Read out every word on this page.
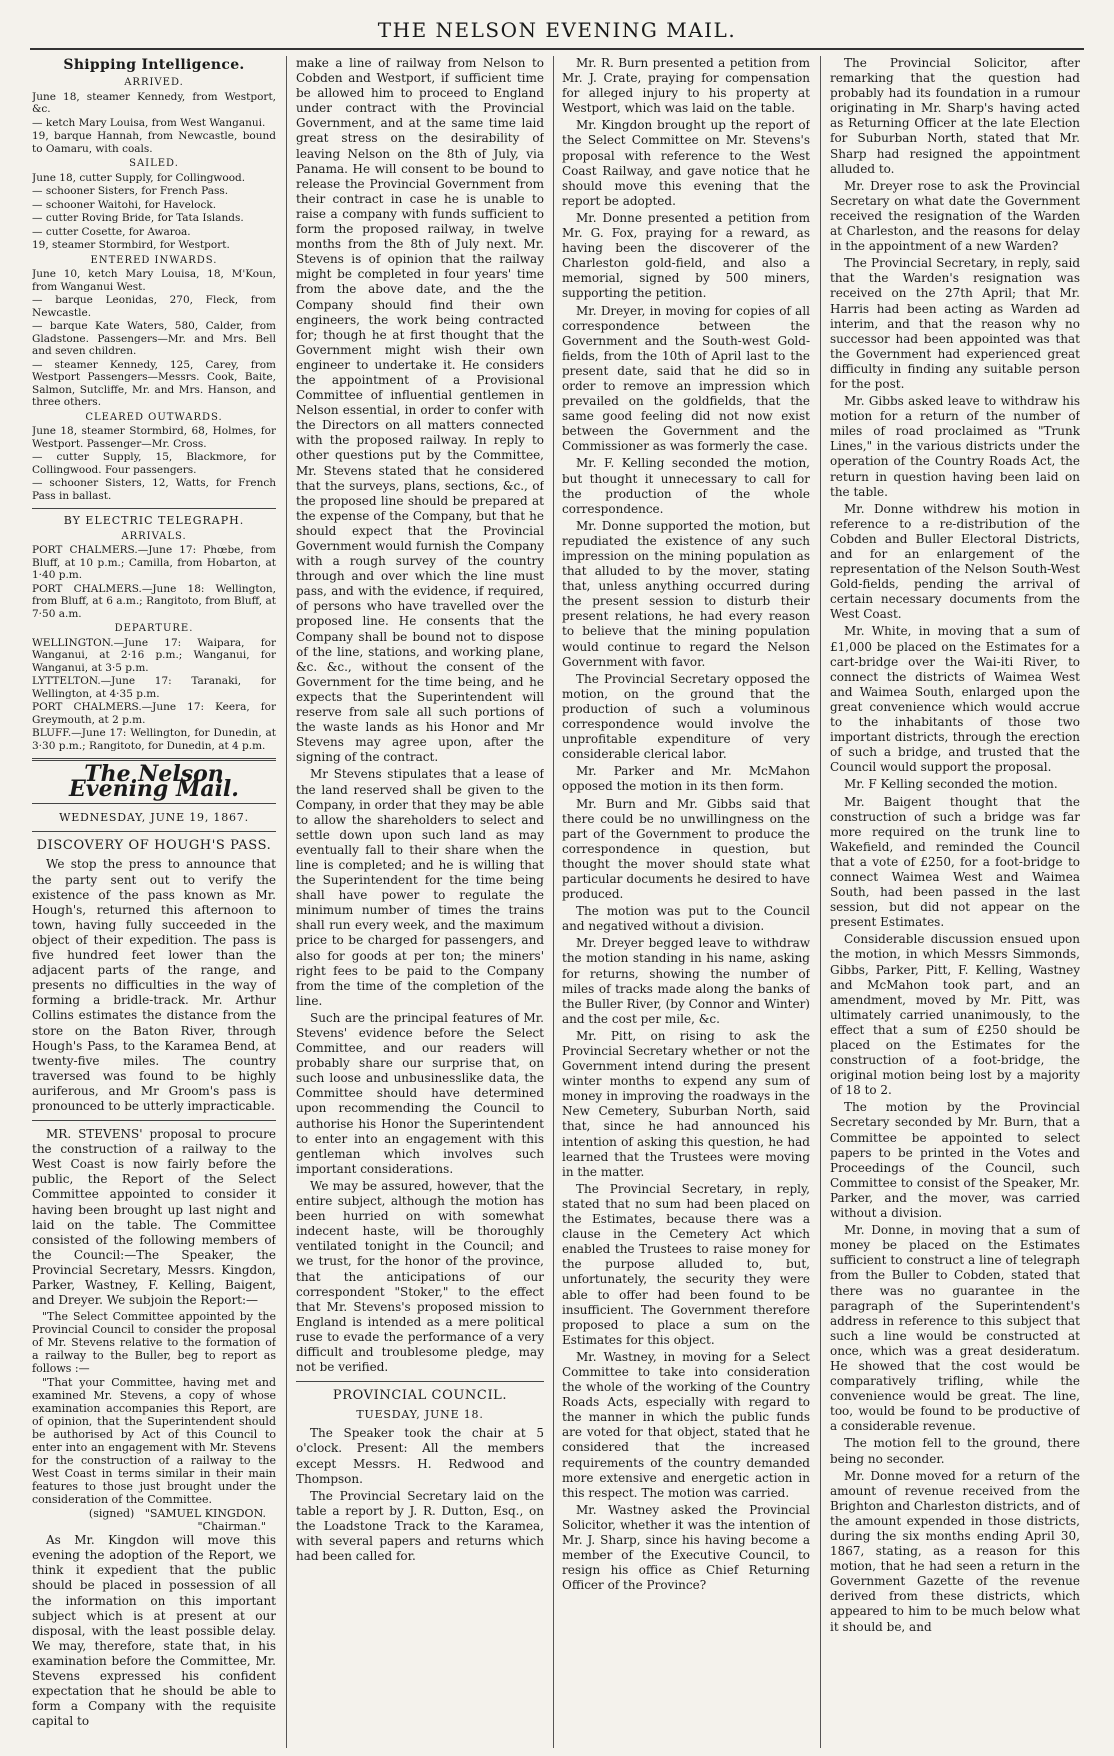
THE NELSON EVENING MAIL.
Shipping Intelligence.
ARRIVED.

June 18, steamer Kennedy, from Westport, &c.

— ketch Mary Louisa, from West Wanganui.

19, barque Hannah, from Newcastle, bound to Oamaru, with coals.

SAILED.

June 18, cutter Supply, for Collingwood.

— schooner Sisters, for French Pass.

— schooner Waitohi, for Havelock.

— cutter Roving Bride, for Tata Islands.

— cutter Cosette, for Awaroa.

19, steamer Stormbird, for Westport.

ENTERED INWARDS.

June 10, ketch Mary Louisa, 18, M'Koun, from Wanganui West.

— barque Leonidas, 270, Fleck, from Newcastle.

— barque Kate Waters, 580, Calder, from Gladstone. Passengers—Mr. and Mrs. Bell and seven children.

— steamer Kennedy, 125, Carey, from Westport Passengers—Messrs. Cook, Baite, Salmon, Sutcliffe, Mr. and Mrs. Hanson, and three others.

CLEARED OUTWARDS.

June 18, steamer Stormbird, 68, Holmes, for Westport. Passenger—Mr. Cross.

— cutter Supply, 15, Blackmore, for Collingwood. Four passengers.

— schooner Sisters, 12, Watts, for French Pass in ballast.

BY ELECTRIC TELEGRAPH.
ARRIVALS.

PORT CHALMERS.—June 17: Phœbe, from Bluff, at 10 p.m.; Camilla, from Hobarton, at 1·40 p.m.

PORT CHALMERS.—June 18: Wellington, from Bluff, at 6 a.m.; Rangitoto, from Bluff, at 7·50 a.m.

DEPARTURE.

WELLINGTON.—June 17: Waipara, for Wanganui, at 2·16 p.m.; Wanganui, for Wanganui, at 3·5 p.m.

LYTTELTON.—June 17: Taranaki, for Wellington, at 4·35 p.m.

PORT CHALMERS.—June 17: Keera, for Greymouth, at 2 p.m.

BLUFF.—June 17: Wellington, for Dunedin, at 3·30 p.m.; Rangitoto, for Dunedin, at 4 p.m.

The Nelson Evening Mail.
WEDNESDAY, JUNE 19, 1867.
DISCOVERY OF HOUGH'S PASS.

We stop the press to announce that the party sent out to verify the existence of the pass known as Mr. Hough's, returned this afternoon to town, having fully succeeded in the object of their expedition. The pass is five hundred feet lower than the adjacent parts of the range, and presents no difficulties in the way of forming a bridle-track. Mr. Arthur Collins estimates the distance from the store on the Baton River, through Hough's Pass, to the Karamea Bend, at twenty-five miles. The country traversed was found to be highly auriferous, and Mr Groom's pass is pronounced to be utterly impracticable.

MR. STEVENS' proposal to procure the construction of a railway to the West Coast is now fairly before the public, the Report of the Select Committee appointed to consider it having been brought up last night and laid on the table. The Committee consisted of the following members of the Council:—The Speaker, the Provincial Secretary, Messrs. Kingdon, Parker, Wastney, F. Kelling, Baigent, and Dreyer. We subjoin the Report:—

"The Select Committee appointed by the Provincial Council to consider the proposal of Mr. Stevens relative to the formation of a railway to the Buller, beg to report as follows :—

"That your Committee, having met and examined Mr. Stevens, a copy of whose examination accompanies this Report, are of opinion, that the Superintendent should be authorised by Act of this Council to enter into an engagement with Mr. Stevens for the construction of a railway to the West Coast in terms similar in their main features to those just brought under the consideration of the Committee.

(signed) "SAMUEL KINGDON.
"Chairman."

As Mr. Kingdon will move this evening the adoption of the Report, we think it expedient that the public should be placed in possession of all the information on this important subject which is at present at our disposal, with the least possible delay. We may, therefore, state that, in his examination before the Committee, Mr. Stevens expressed his confident expectation that he should be able to form a Company with the requisite capital to

make a line of railway from Nelson to Cobden and Westport, if sufficient time be allowed him to proceed to England under contract with the Provincial Government, and at the same time laid great stress on the desirability of leaving Nelson on the 8th of July, via Panama. He will consent to be bound to release the Provincial Government from their contract in case he is unable to raise a company with funds sufficient to form the proposed railway, in twelve months from the 8th of July next. Mr. Stevens is of opinion that the railway might be completed in four years' time from the above date, and the the Company should find their own engineers, the work being contracted for; though he at first thought that the Government might wish their own engineer to undertake it. He considers the appointment of a Provisional Committee of influential gentlemen in Nelson essential, in order to confer with the Directors on all matters connected with the proposed railway. In reply to other questions put by the Committee, Mr. Stevens stated that he considered that the surveys, plans, sections, &c., of the proposed line should be prepared at the expense of the Company, but that he should expect that the Provincial Government would furnish the Company with a rough survey of the country through and over which the line must pass, and with the evidence, if required, of persons who have travelled over the proposed line. He consents that the Company shall be bound not to dispose of the line, stations, and working plane, &c. &c., without the consent of the Government for the time being, and he expects that the Superintendent will reserve from sale all such portions of the waste lands as his Honor and Mr Stevens may agree upon, after the signing of the contract.

Mr Stevens stipulates that a lease of the land reserved shall be given to the Company, in order that they may be able to allow the shareholders to select and settle down upon such land as may eventually fall to their share when the line is completed; and he is willing that the Superintendent for the time being shall have power to regulate the minimum number of times the trains shall run every week, and the maximum price to be charged for passengers, and also for goods at per ton; the miners' right fees to be paid to the Company from the time of the completion of the line.

Such are the principal features of Mr. Stevens' evidence before the Select Committee, and our readers will probably share our surprise that, on such loose and unbusinesslike data, the Committee should have determined upon recommending the Council to authorise his Honor the Superintendent to enter into an engagement with this gentleman which involves such important considerations.

We may be assured, however, that the entire subject, although the motion has been hurried on with somewhat indecent haste, will be thoroughly ventilated tonight in the Council; and we trust, for the honor of the province, that the anticipations of our correspondent "Stoker," to the effect that Mr. Stevens's proposed mission to England is intended as a mere political ruse to evade the performance of a very difficult and troublesome pledge, may not be verified.

PROVINCIAL COUNCIL.
TUESDAY, JUNE 18.

The Speaker took the chair at 5 o'clock. Present: All the members except Messrs. H. Redwood and Thompson.

The Provincial Secretary laid on the table a report by J. R. Dutton, Esq., on the Loadstone Track to the Karamea, with several papers and returns which had been called for.

Mr. R. Burn presented a petition from Mr. J. Crate, praying for compensation for alleged injury to his property at Westport, which was laid on the table.

Mr. Kingdon brought up the report of the Select Committee on Mr. Stevens's proposal with reference to the West Coast Railway, and gave notice that he should move this evening that the report be adopted.

Mr. Donne presented a petition from Mr. G. Fox, praying for a reward, as having been the discoverer of the Charleston gold-field, and also a memorial, signed by 500 miners, supporting the petition.

Mr. Dreyer, in moving for copies of all correspondence between the Government and the South-west Gold-fields, from the 10th of April last to the present date, said that he did so in order to remove an impression which prevailed on the goldfields, that the same good feeling did not now exist between the Government and the Commissioner as was formerly the case.

Mr. F. Kelling seconded the motion, but thought it unnecessary to call for the production of the whole correspondence.

Mr. Donne supported the motion, but repudiated the existence of any such impression on the mining population as that alluded to by the mover, stating that, unless anything occurred during the present session to disturb their present relations, he had every reason to believe that the mining population would continue to regard the Nelson Government with favor.

The Provincial Secretary opposed the motion, on the ground that the production of such a voluminous correspondence would involve the unprofitable expenditure of very considerable clerical labor.

Mr. Parker and Mr. McMahon opposed the motion in its then form.

Mr. Burn and Mr. Gibbs said that there could be no unwillingness on the part of the Government to produce the correspondence in question, but thought the mover should state what particular documents he desired to have produced.

The motion was put to the Council and negatived without a division.

Mr. Dreyer begged leave to withdraw the motion standing in his name, asking for returns, showing the number of miles of tracks made along the banks of the Buller River, (by Connor and Winter) and the cost per mile, &c.

Mr. Pitt, on rising to ask the Provincial Secretary whether or not the Government intend during the present winter months to expend any sum of money in improving the roadways in the New Cemetery, Suburban North, said that, since he had announced his intention of asking this question, he had learned that the Trustees were moving in the matter.

The Provincial Secretary, in reply, stated that no sum had been placed on the Estimates, because there was a clause in the Cemetery Act which enabled the Trustees to raise money for the purpose alluded to, but, unfortunately, the security they were able to offer had been found to be insufficient. The Government therefore proposed to place a sum on the Estimates for this object.

Mr. Wastney, in moving for a Select Committee to take into consideration the whole of the working of the Country Roads Acts, especially with regard to the manner in which the public funds are voted for that object, stated that he considered that the increased requirements of the country demanded more extensive and energetic action in this respect. The motion was carried.

Mr. Wastney asked the Provincial Solicitor, whether it was the intention of Mr. J. Sharp, since his having become a member of the Executive Council, to resign his office as Chief Returning Officer of the Province?

The Provincial Solicitor, after remarking that the question had probably had its foundation in a rumour originating in Mr. Sharp's having acted as Returning Officer at the late Election for Suburban North, stated that Mr. Sharp had resigned the appointment alluded to.

Mr. Dreyer rose to ask the Provincial Secretary on what date the Government received the resignation of the Warden at Charleston, and the reasons for delay in the appointment of a new Warden?

The Provincial Secretary, in reply, said that the Warden's resignation was received on the 27th April; that Mr. Harris had been acting as Warden ad interim, and that the reason why no successor had been appointed was that the Government had experienced great difficulty in finding any suitable person for the post.

Mr. Gibbs asked leave to withdraw his motion for a return of the number of miles of road proclaimed as "Trunk Lines," in the various districts under the operation of the Country Roads Act, the return in question having been laid on the table.

Mr. Donne withdrew his motion in reference to a re-distribution of the Cobden and Buller Electoral Districts, and for an enlargement of the representation of the Nelson South-West Gold-fields, pending the arrival of certain necessary documents from the West Coast.

Mr. White, in moving that a sum of £1,000 be placed on the Estimates for a cart-bridge over the Wai-iti River, to connect the districts of Waimea West and Waimea South, enlarged upon the great convenience which would accrue to the inhabitants of those two important districts, through the erection of such a bridge, and trusted that the Council would support the proposal.

Mr. F Kelling seconded the motion.

Mr. Baigent thought that the construction of such a bridge was far more required on the trunk line to Wakefield, and reminded the Council that a vote of £250, for a foot-bridge to connect Waimea West and Waimea South, had been passed in the last session, but did not appear on the present Estimates.

Considerable discussion ensued upon the motion, in which Messrs Simmonds, Gibbs, Parker, Pitt, F. Kelling, Wastney and McMahon took part, and an amendment, moved by Mr. Pitt, was ultimately carried unanimously, to the effect that a sum of £250 should be placed on the Estimates for the construction of a foot-bridge, the original motion being lost by a majority of 18 to 2.

The motion by the Provincial Secretary seconded by Mr. Burn, that a Committee be appointed to select papers to be printed in the Votes and Proceedings of the Council, such Committee to consist of the Speaker, Mr. Parker, and the mover, was carried without a division.

Mr. Donne, in moving that a sum of money be placed on the Estimates sufficient to construct a line of telegraph from the Buller to Cobden, stated that there was no guarantee in the paragraph of the Superintendent's address in reference to this subject that such a line would be constructed at once, which was a great desideratum. He showed that the cost would be comparatively trifling, while the convenience would be great. The line, too, would be found to be productive of a considerable revenue.

The motion fell to the ground, there being no seconder.

Mr. Donne moved for a return of the amount of revenue received from the Brighton and Charleston districts, and of the amount expended in those districts, during the six months ending April 30, 1867, stating, as a reason for this motion, that he had seen a return in the Government Gazette of the revenue derived from these districts, which appeared to him to be much below what it should be, and
